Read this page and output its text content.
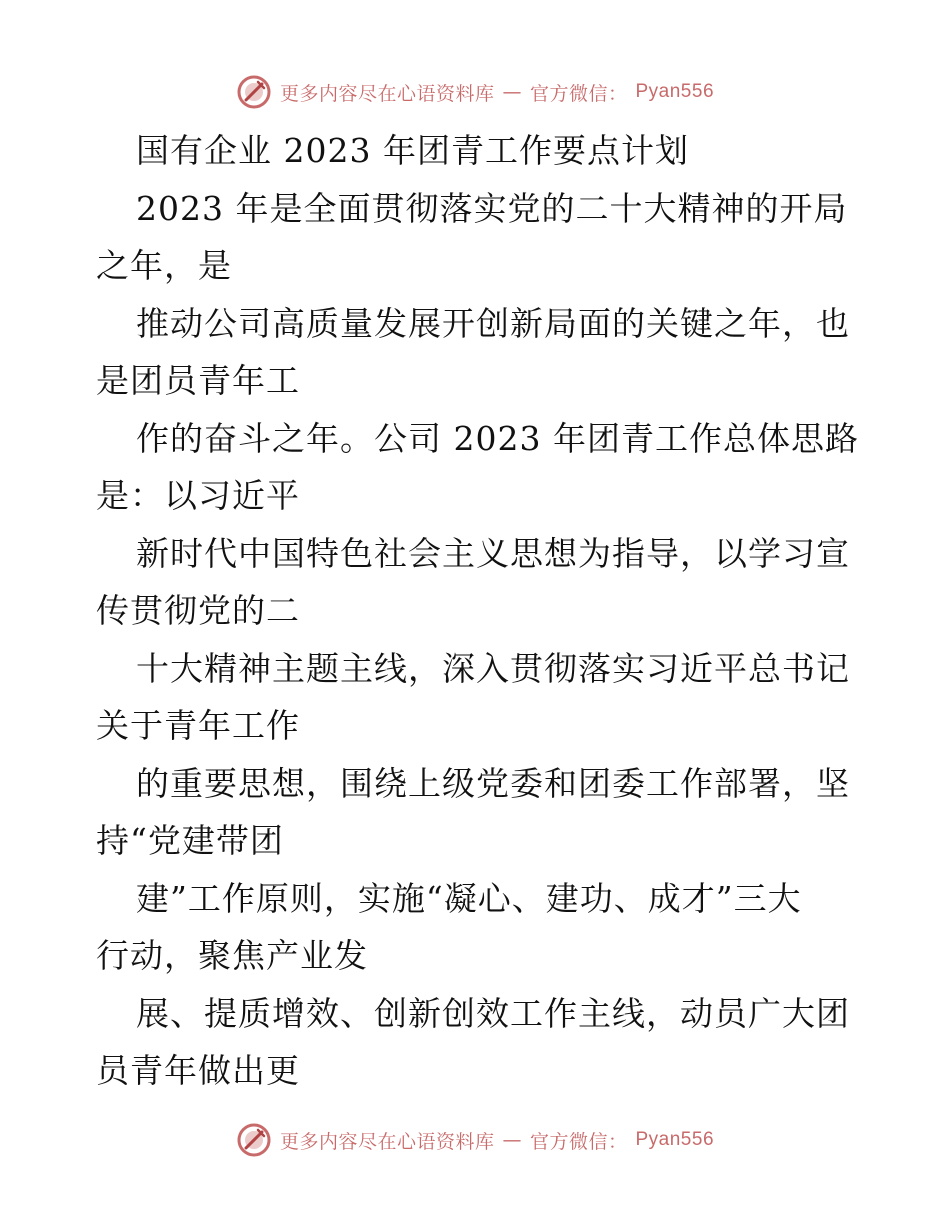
更多内容尽在心语资料库 — 官方微信： Pyan556
国有企业 2023 年团青工作要点计划
2023 年是全面贯彻落实党的二十大精神的开局
之年，是
推动公司高质量发展开创新局面的关键之年，也
是团员青年工
作的奋斗之年。公司 2023 年团青工作总体思路
是：以习近平
新时代中国特色社会主义思想为指导，以学习宣
传贯彻党的二
十大精神主题主线，深入贯彻落实习近平总书记
关于青年工作
的重要思想，围绕上级党委和团委工作部署，坚
持“党建带团
建”工作原则，实施“凝心、建功、成才”三大
行动，聚焦产业发
展、提质增效、创新创效工作主线，动员广大团
员青年做出更
更多内容尽在心语资料库 — 官方微信： Pyan556
